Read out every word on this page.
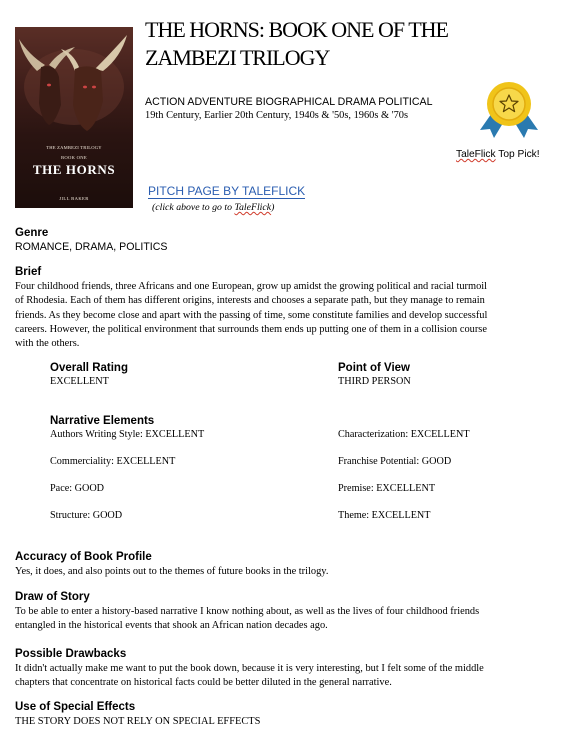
THE ZAMBEZI TRILOGY
BOOK ONE
THE HORNS
JILL BAKER
THE HORNS: BOOK ONE OF THE ZAMBEZI TRILOGY
ACTION ADVENTURE BIOGRAPHICAL DRAMA POLITICAL
19th Century, Earlier 20th Century, 1940s & '50s, 1960s & '70s
TaleFlick Top Pick!
PITCH PAGE BY TALEFLICK
(click above to go to TaleFlick)
Genre
ROMANCE, DRAMA, POLITICS
Brief
Four childhood friends, three Africans and one European, grow up amidst the growing political and racial turmoil
of Rhodesia. Each of them has different origins, interests and chooses a separate path, but they manage to remain
friends. As they become close and apart with the passing of time, some constitute families and develop successful
careers. However, the political environment that surrounds them ends up putting one of them in a collision course
with the others.
Overall Rating
EXCELLENT
Point of View
THIRD PERSON
Narrative Elements
Authors Writing Style: EXCELLENT	Characterization: EXCELLENT
Commerciality: EXCELLENT	Franchise Potential: GOOD
Pace: GOOD	Premise: EXCELLENT
Structure: GOOD	Theme: EXCELLENT
Accuracy of Book Profile
Yes, it does, and also points out to the themes of future books in the trilogy.
Draw of Story
To be able to enter a history-based narrative I know nothing about, as well as the lives of four childhood friends
entangled in the historical events that shook an African nation decades ago.
Possible Drawbacks
It didn't actually make me want to put the book down, because it is very interesting, but I felt some of the middle
chapters that concentrate on historical facts could be better diluted in the general narrative.
Use of Special Effects
THE STORY DOES NOT RELY ON SPECIAL EFFECTS
